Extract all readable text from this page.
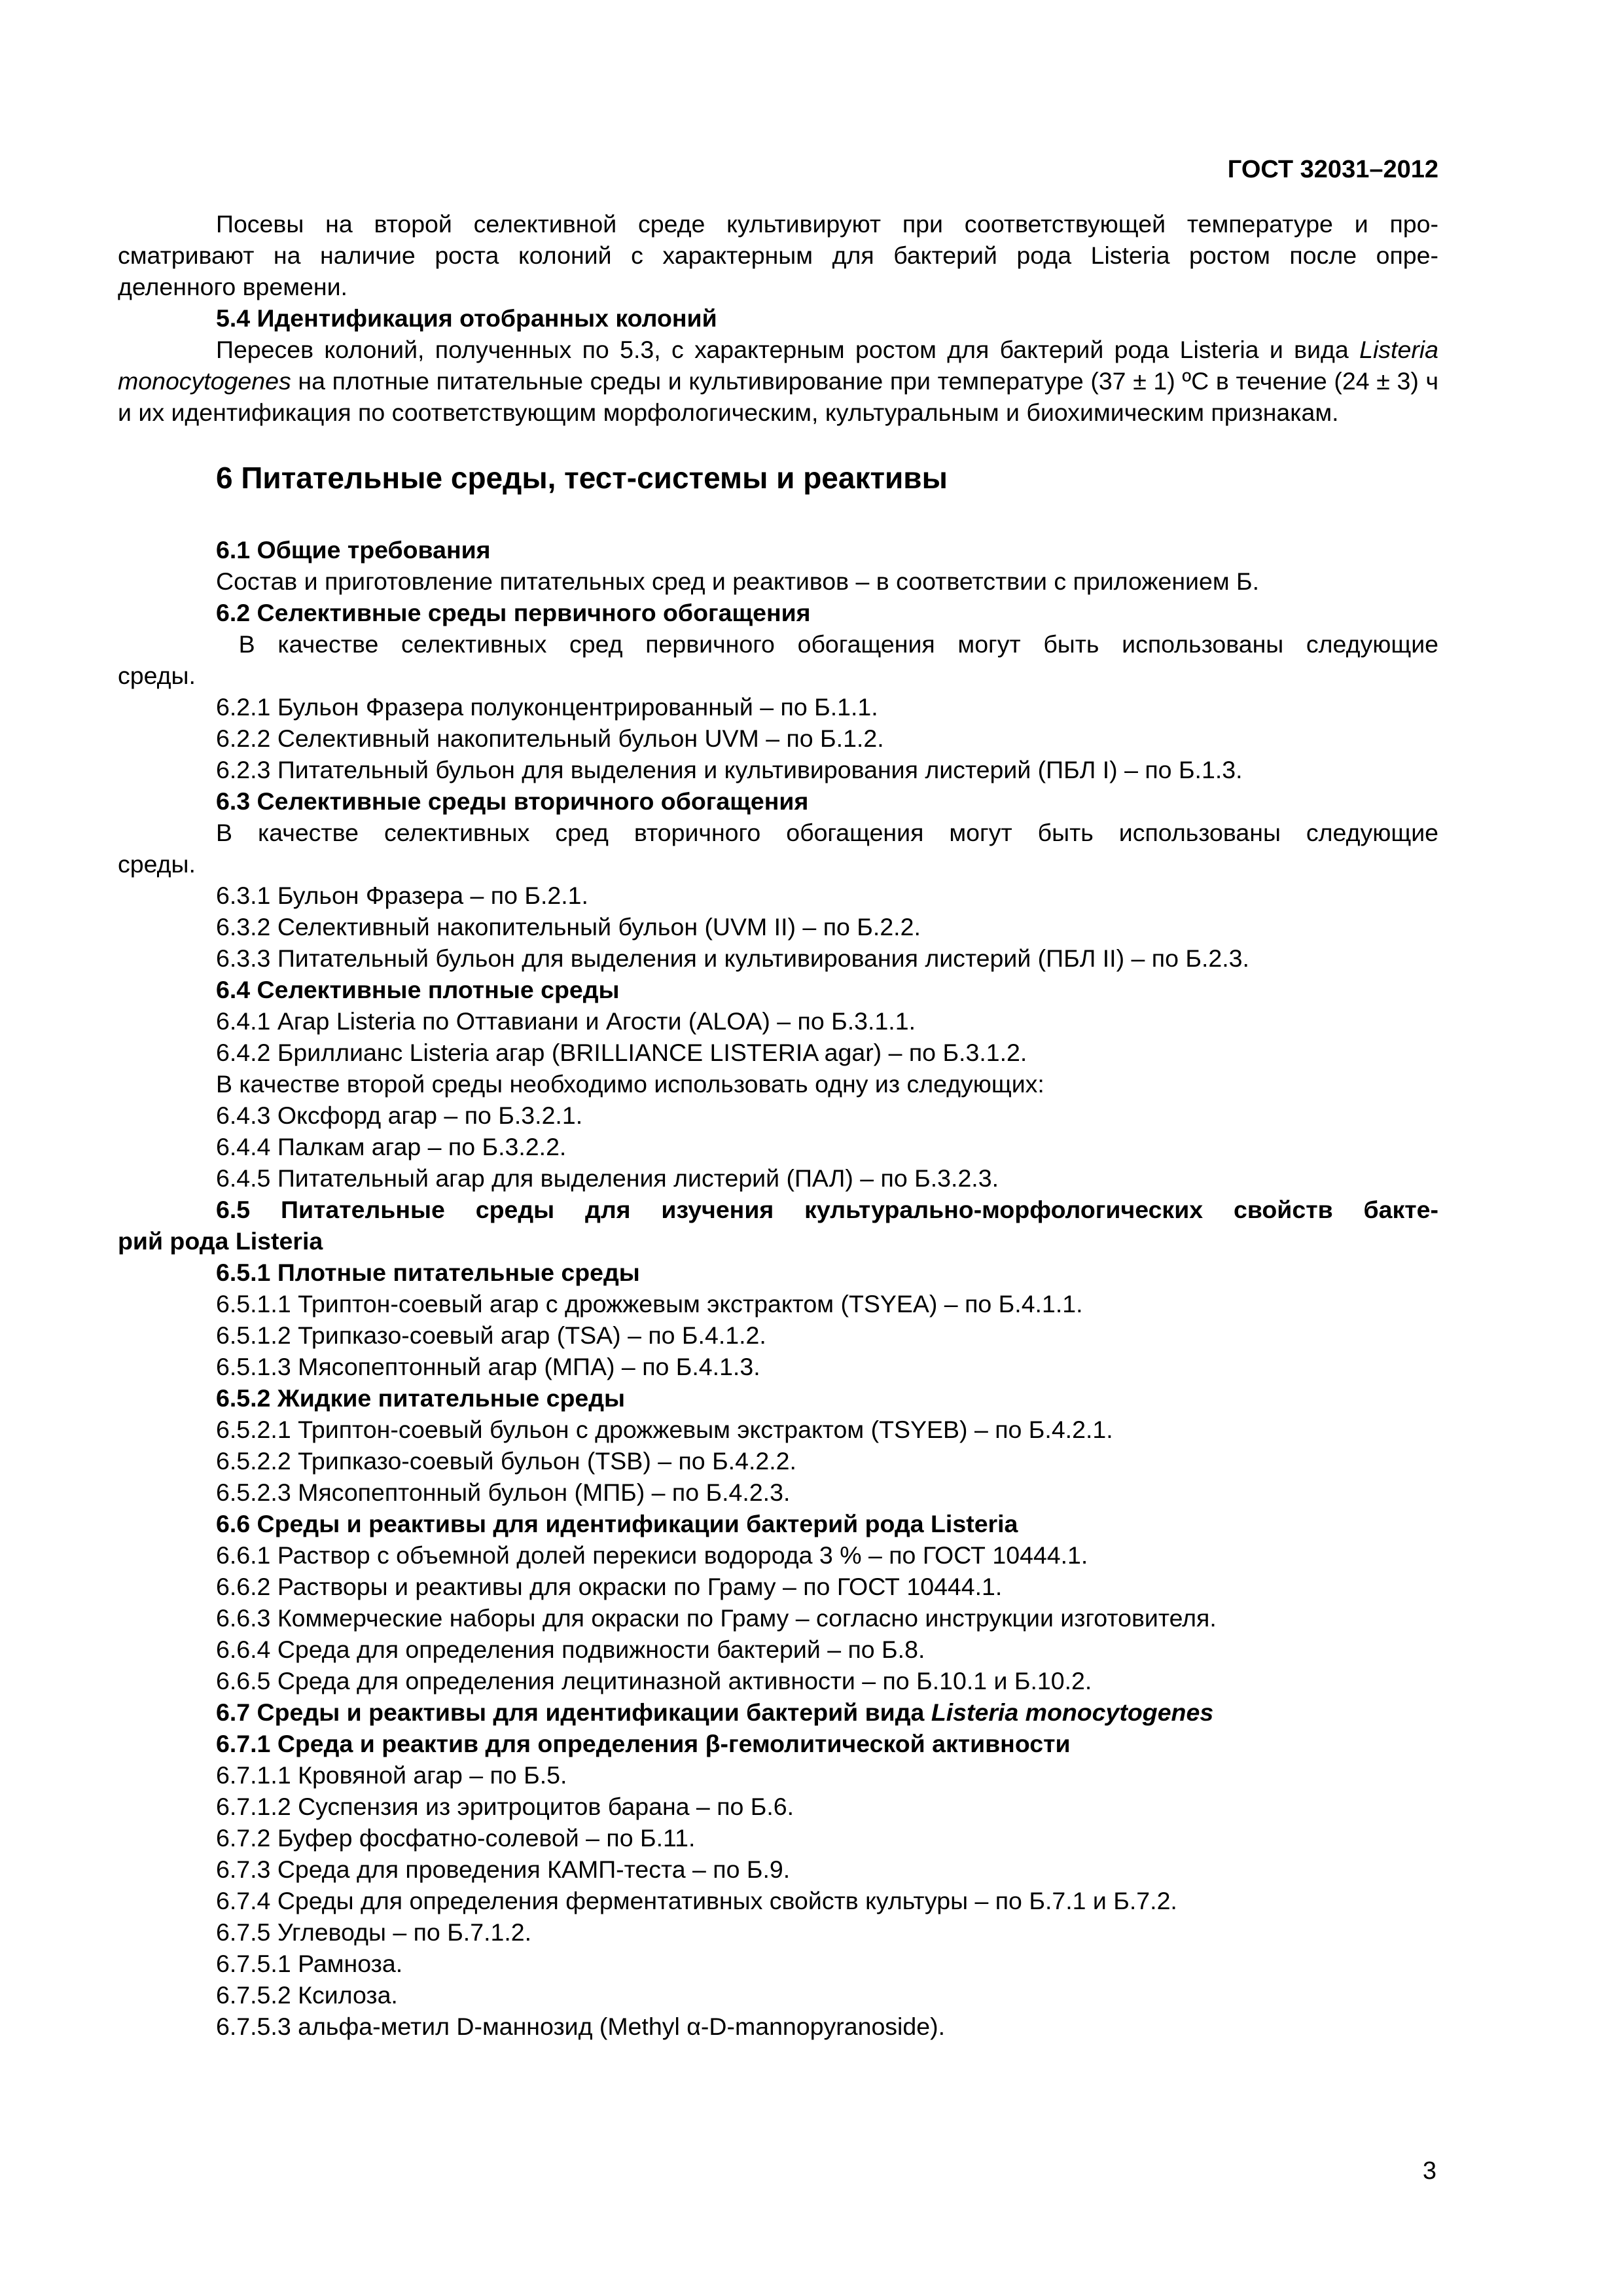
ГОСТ 32031–2012

Посевы на второй селективной среде культивируют при соответствующей температуре и про-

сматривают на наличие роста колоний с характерным для бактерий рода Listeria ростом после опре-

деленного времени.

5.4 Идентификация отобранных колоний

Пересев колоний, полученных по 5.3, с характерным ростом для бактерий рода Listeria и вида Listeria monocytogenes на плотные питательные среды и культивирование при температуре (37 ± 1) ºС в течение (24 ± 3) ч и их идентификация по соответствующим морфологическим, культуральным и биохимическим признакам.

6 Питательные среды, тест-системы и реактивы

6.1 Общие требования

Состав и приготовление питательных сред и реактивов – в соответствии с приложением Б.

6.2 Селективные среды первичного обогащения

В качестве селективных сред первичного обогащения могут быть использованы следующие

среды.

6.2.1 Бульон Фразера полуконцентрированный – по Б.1.1.
6.2.2 Селективный накопительный бульон UVM – по Б.1.2.
6.2.3 Питательный бульон для выделения и культивирования листерий (ПБЛ I) – по Б.1.3.

6.3 Селективные среды вторичного обогащения

В качестве селективных сред вторичного обогащения могут быть использованы следующие

среды.

6.3.1 Бульон Фразера – по Б.2.1.
6.3.2 Селективный накопительный бульон (UVM II) – по Б.2.2.
6.3.3 Питательный бульон для выделения и культивирования листерий (ПБЛ II) – по Б.2.3.

6.4 Селективные плотные среды

6.4.1 Агар Listeria по Оттавиани и Агости (ALOA) – по Б.3.1.1.
6.4.2 Бриллианс Listeria агар (BRILLIANCE LISTERIA agar) – по Б.3.1.2.
В качестве второй среды необходимо использовать одну из следующих:
6.4.3 Оксфорд агар – по Б.3.2.1.
6.4.4 Палкам агар – по Б.3.2.2.
6.4.5 Питательный агар для выделения листерий (ПАЛ) – по Б.3.2.3.

6.5 Питательные среды для изучения культурально-морфологических свойств бакте-

рий рода Listeria

6.5.1 Плотные питательные среды

6.5.1.1 Триптон-соевый агар с дрожжевым экстрактом (TSYEA) – по Б.4.1.1.
6.5.1.2 Трипказо-соевый агар (TSA) – по Б.4.1.2.
6.5.1.3 Мясопептонный агар (МПА) – по Б.4.1.3.

6.5.2 Жидкие питательные среды

6.5.2.1 Триптон-соевый бульон с дрожжевым экстрактом (TSYEB) – по Б.4.2.1.
6.5.2.2 Трипказо-соевый бульон (TSB) – по Б.4.2.2.
6.5.2.3 Мясопептонный бульон (МПБ) – по Б.4.2.3.

6.6 Среды и реактивы для идентификации бактерий рода Listeria

6.6.1 Раствор с объемной долей перекиси водорода 3 % – по ГОСТ 10444.1.
6.6.2 Растворы и реактивы для окраски по Граму – по ГОСТ 10444.1.
6.6.3 Коммерческие наборы для окраски по Граму – согласно инструкции изготовителя.
6.6.4 Среда для определения подвижности бактерий – по Б.8.
6.6.5 Среда для определения лецитиназной активности – по Б.10.1 и Б.10.2.

6.7 Среды и реактивы для идентификации бактерий вида Listeria monocytogenes

6.7.1 Среда и реактив для определения β-гемолитической активности

6.7.1.1 Кровяной агар – по Б.5.
6.7.1.2 Суспензия из эритроцитов барана – по Б.6.
6.7.2 Буфер фосфатно-солевой – по Б.11.
6.7.3 Среда для проведения КАМП-теста – по Б.9.
6.7.4 Среды для определения ферментативных свойств культуры – по Б.7.1 и Б.7.2.
6.7.5 Углеводы – по Б.7.1.2.
6.7.5.1 Рамноза.
6.7.5.2 Ксилоза.
6.7.5.3 альфа-метил D-маннозид (Methyl α-D-mannopyranoside).
3
